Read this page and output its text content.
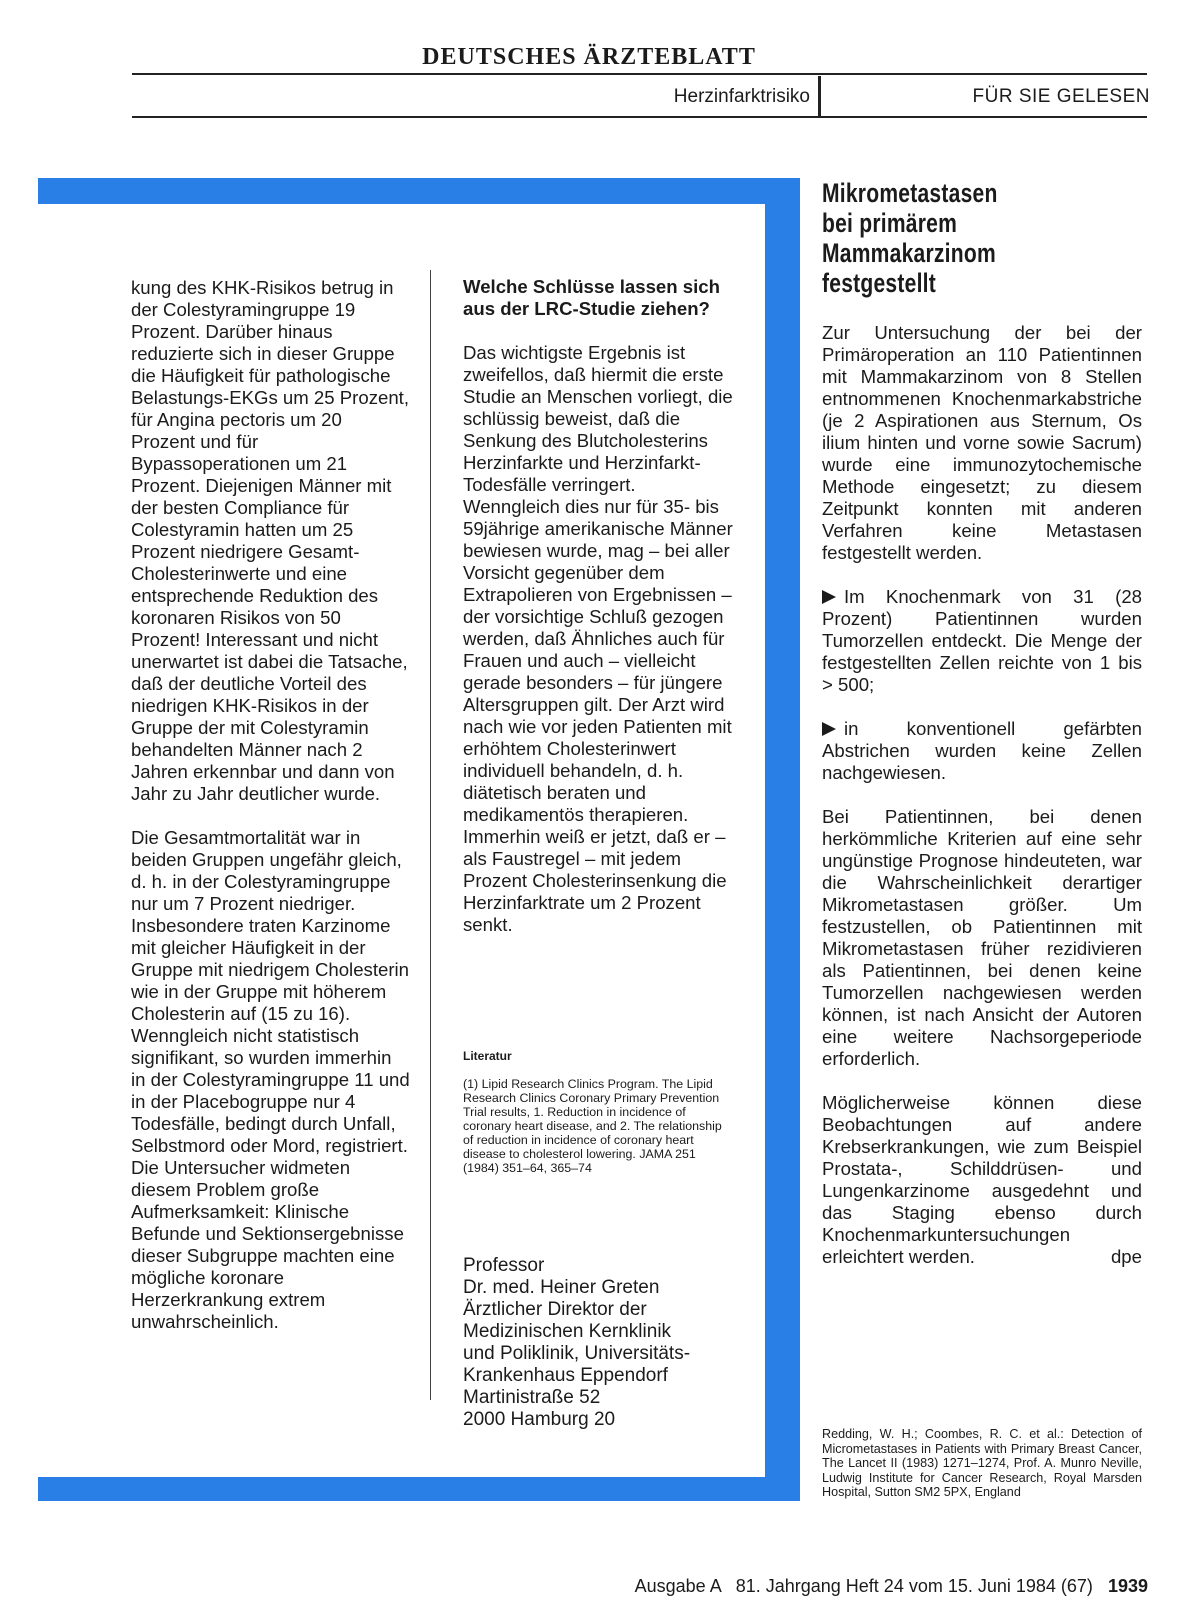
DEUTSCHES ÄRZTEBLATT
Herzinfarktrisiko	FÜR SIE GELESEN

kung des KHK-Risikos betrug in der Colestyramingruppe 19 Prozent. Darüber hinaus reduzierte sich in dieser Gruppe die Häufigkeit für pathologische Belastungs-EKGs um 25 Prozent, für Angina pectoris um 20 Prozent und für Bypassoperationen um 21 Prozent. Diejenigen Männer mit der besten Compliance für Colestyramin hatten um 25 Prozent niedrigere Gesamt-Cholesterinwerte und eine entsprechende Reduktion des koronaren Risikos von 50 Prozent! Interessant und nicht unerwartet ist dabei die Tatsache, daß der deutliche Vorteil des niedrigen KHK-Risikos in der Gruppe der mit Colestyramin behandelten Männer nach 2 Jahren erkennbar und dann von Jahr zu Jahr deutlicher wurde.

Die Gesamtmortalität war in beiden Gruppen ungefähr gleich, d. h. in der Colestyramingruppe nur um 7 Prozent niedriger. Insbesondere traten Karzinome mit gleicher Häufigkeit in der Gruppe mit niedrigem Cholesterin wie in der Gruppe mit höherem Cholesterin auf (15 zu 16). Wenngleich nicht statistisch signifikant, so wurden immerhin in der Colestyramingruppe 11 und in der Placebogruppe nur 4 Todesfälle, bedingt durch Unfall, Selbstmord oder Mord, registriert. Die Untersucher widmeten diesem Problem große Aufmerksamkeit: Klinische Befunde und Sektionsergebnisse dieser Subgruppe machten eine mögliche koronare Herzerkrankung extrem unwahrscheinlich.

Welche Schlüsse lassen sich aus der LRC-Studie ziehen?

Das wichtigste Ergebnis ist zweifellos, daß hiermit die erste Studie an Menschen vorliegt, die schlüssig beweist, daß die Senkung des Blutcholesterins Herzinfarkte und Herzinfarkt-Todesfälle verringert. Wenngleich dies nur für 35- bis 59jährige amerikanische Männer bewiesen wurde, mag – bei aller Vorsicht gegenüber dem Extrapolieren von Ergebnissen – der vorsichtige Schluß gezogen werden, daß Ähnliches auch für Frauen und auch – vielleicht gerade besonders – für jüngere Altersgruppen gilt. Der Arzt wird nach wie vor jeden Patienten mit erhöhtem Cholesterinwert individuell behandeln, d. h. diätetisch beraten und medikamentös therapieren. Immerhin weiß er jetzt, daß er – als Faustregel – mit jedem Prozent Cholesterinsenkung die Herzinfarktrate um 2 Prozent senkt.

Literatur
(1) Lipid Research Clinics Program. The Lipid Research Clinics Coronary Primary Prevention Trial results, 1. Reduction in incidence of coronary heart disease, and 2. The relationship of reduction in incidence of coronary heart disease to cholesterol lowering. JAMA 251 (1984) 351–64, 365–74
Professor
Dr. med. Heiner Greten
Ärztlicher Direktor der
Medizinischen Kernklinik
und Poliklinik, Universitäts-
Krankenhaus Eppendorf
Martinistraße 52
2000 Hamburg 20
Mikrometastasen
bei primärem
Mammakarzinom
festgestellt

Zur Untersuchung der bei der Primäroperation an 110 Patientinnen mit Mammakarzinom von 8 Stellen entnommenen Knochenmarkabstriche (je 2 Aspirationen aus Sternum, Os ilium hinten und vorne sowie Sacrum) wurde eine immunozytochemische Methode eingesetzt; zu diesem Zeitpunkt konnten mit anderen Verfahren keine Metastasen festgestellt werden.

Im Knochenmark von 31 (28 Prozent) Patientinnen wurden Tumorzellen entdeckt. Die Menge der festgestellten Zellen reichte von 1 bis > 500;

in konventionell gefärbten Abstrichen wurden keine Zellen nachgewiesen.

Bei Patientinnen, bei denen herkömmliche Kriterien auf eine sehr ungünstige Prognose hindeuteten, war die Wahrscheinlichkeit derartiger Mikrometastasen größer. Um festzustellen, ob Patientinnen mit Mikrometastasen früher rezidivieren als Patientinnen, bei denen keine Tumorzellen nachgewiesen werden können, ist nach Ansicht der Autoren eine weitere Nachsorgeperiode erforderlich.

Möglicherweise können diese Beobachtungen auf andere Krebserkrankungen, wie zum Beispiel Prostata-, Schilddrüsen- und Lungenkarzinome ausgedehnt und das Staging ebenso durch Knochenmarkuntersuchungen erleichtert werden.	dpe

Redding, W. H.; Coombes, R. C. et al.: Detection of Micrometastases in Patients with Primary Breast Cancer, The Lancet II (1983) 1271–1274, Prof. A. Munro Neville, Ludwig Institute for Cancer Research, Royal Marsden Hospital, Sutton SM2 5PX, England
Ausgabe A   81. Jahrgang Heft 24 vom 15. Juni 1984 (67) 1939
